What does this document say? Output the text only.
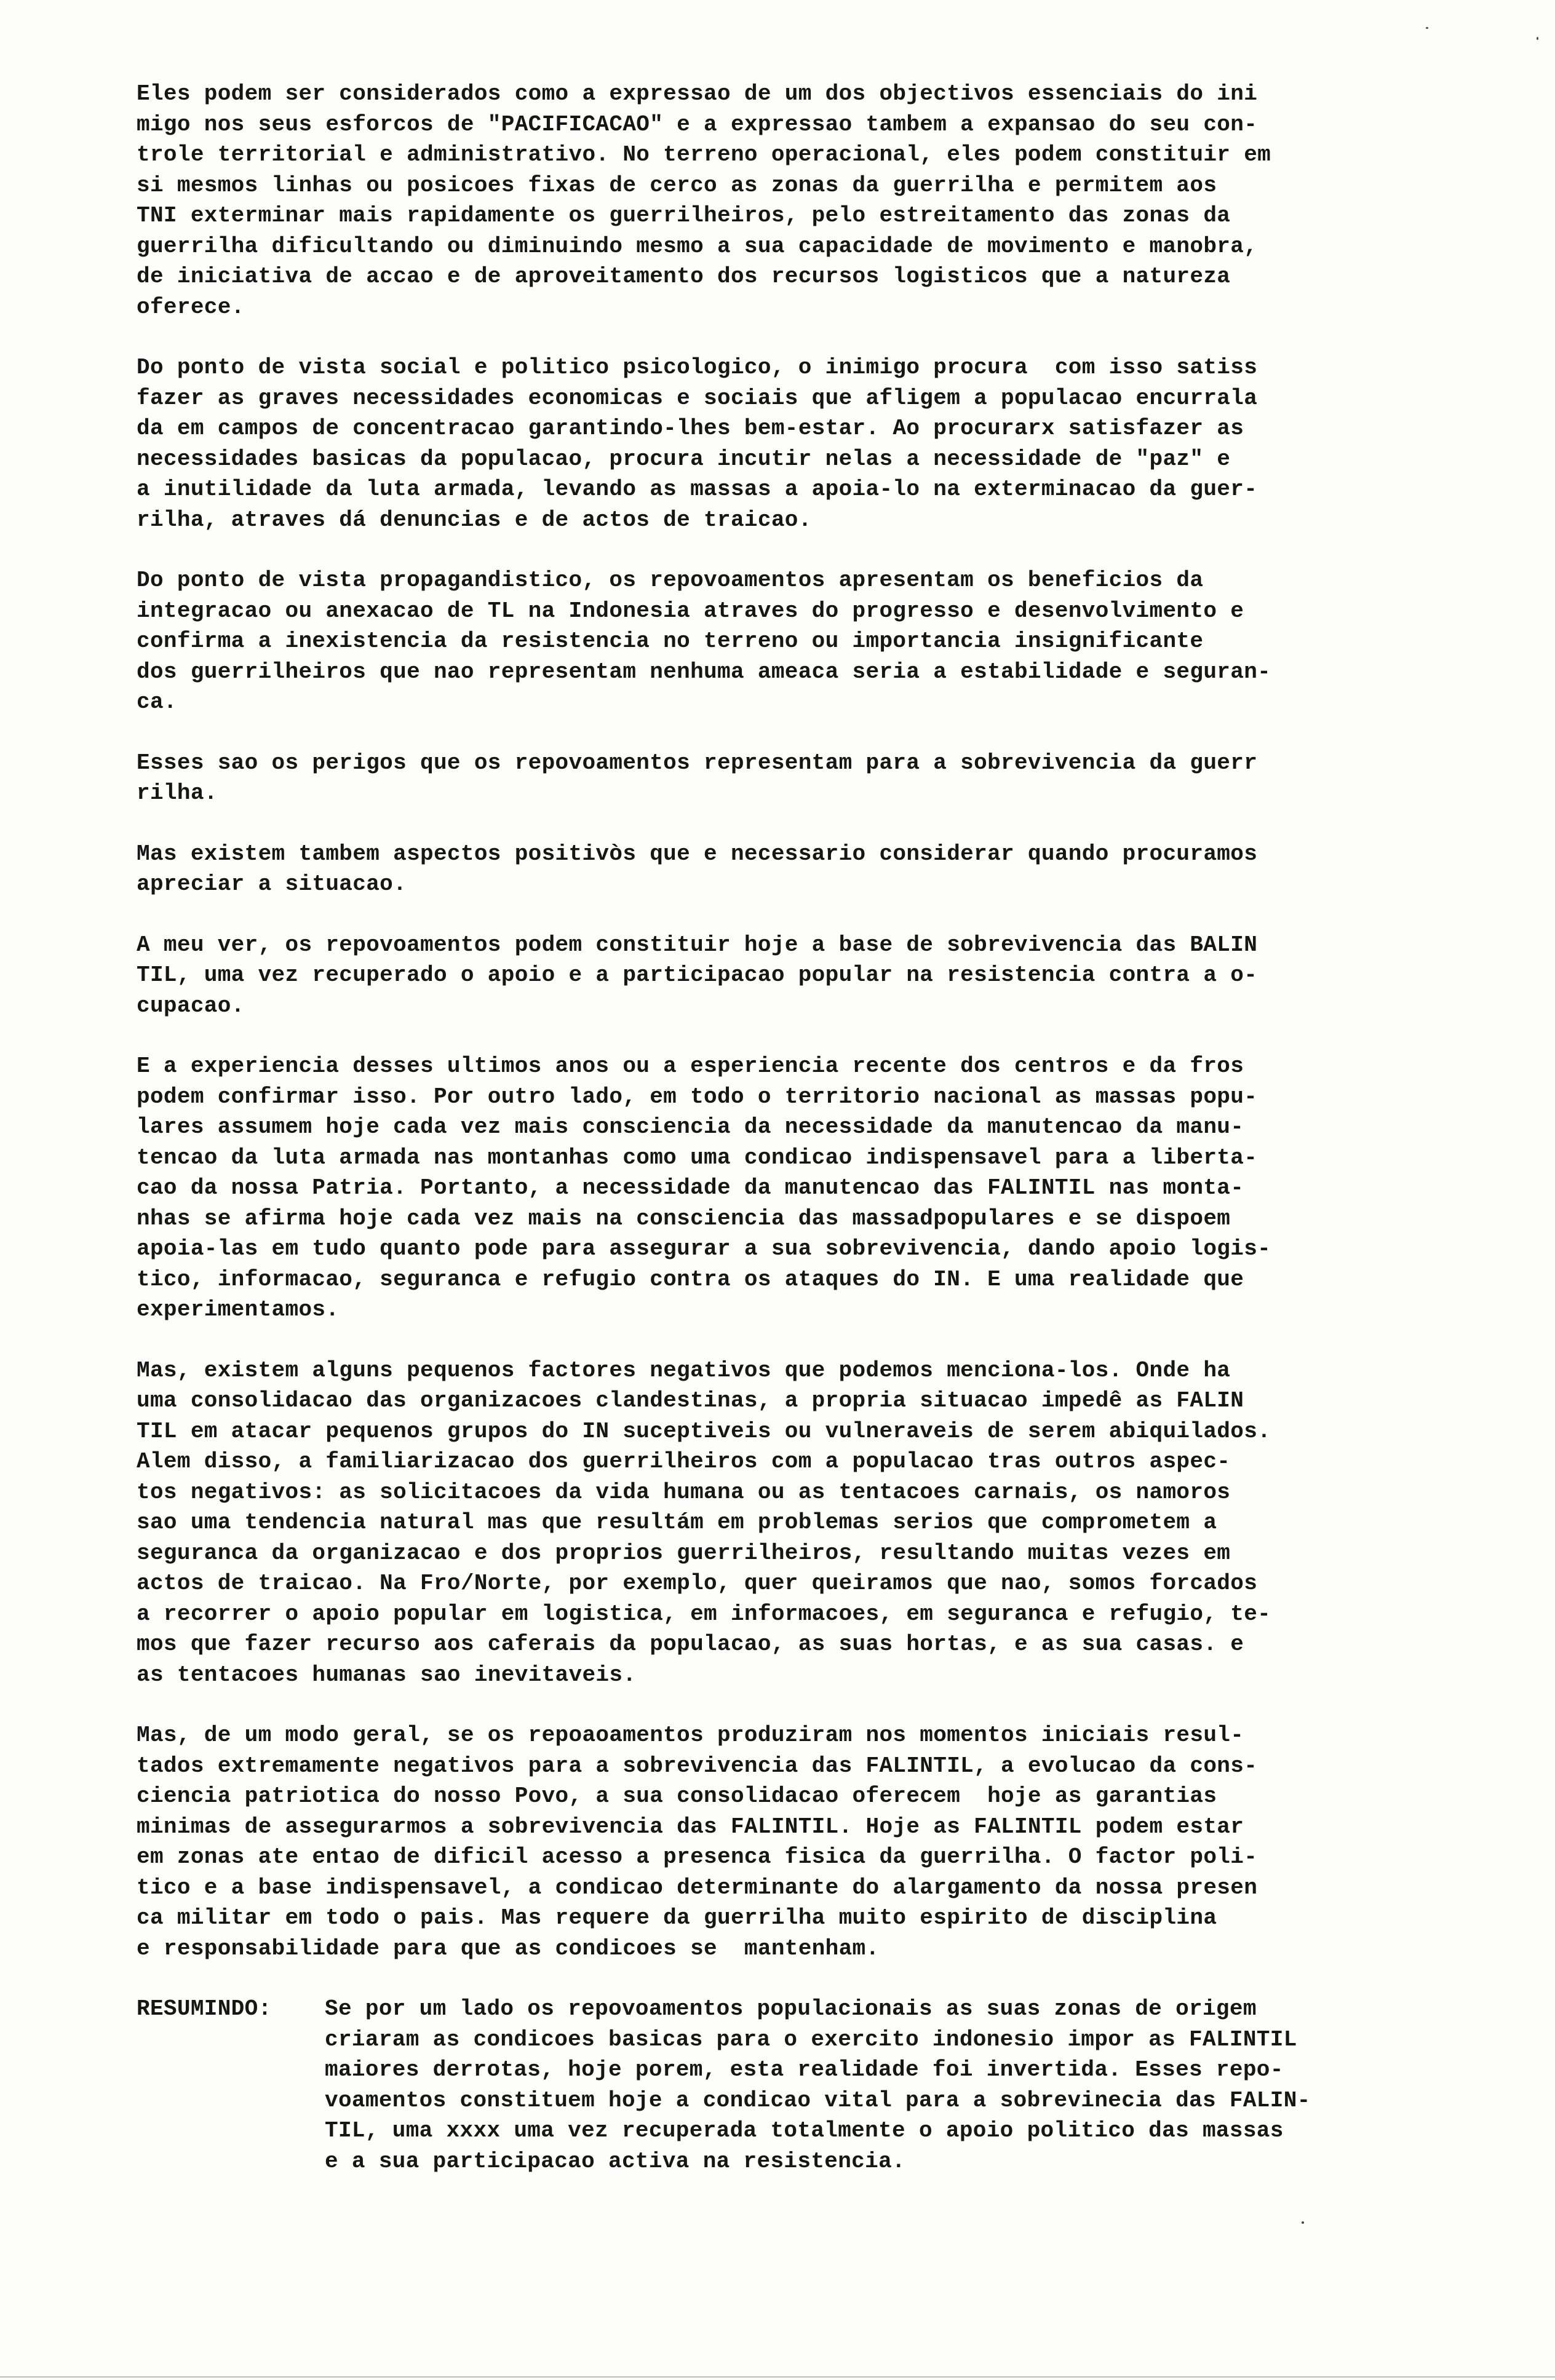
Eles podem ser considerados como a expressao de um dos objectivos essenciais do ini
migo nos seus esforcos de "PACIFICACAO" e a expressao tambem a expansao do seu con-
trole territorial e administrativo. No terreno operacional, eles podem constituir em
si mesmos linhas ou posicoes fixas de cerco as zonas da guerrilha e permitem aos
TNI exterminar mais rapidamente os guerrilheiros, pelo estreitamento das zonas da
guerrilha dificultando ou diminuindo mesmo a sua capacidade de movimento e manobra,
de iniciativa de accao e de aproveitamento dos recursos logisticos que a natureza
oferece.
Do ponto de vista social e politico psicologico, o inimigo procura  com isso satiss
fazer as graves necessidades economicas e sociais que afligem a populacao encurrala
da em campos de concentracao garantindo-lhes bem-estar. Ao procurarx satisfazer as
necessidades basicas da populacao, procura incutir nelas a necessidade de "paz" e
a inutilidade da luta armada, levando as massas a apoia-lo na exterminacao da guer-
rilha, atraves dá denuncias e de actos de traicao.
Do ponto de vista propagandistico, os repovoamentos apresentam os beneficios da
integracao ou anexacao de TL na Indonesia atraves do progresso e desenvolvimento e
confirma a inexistencia da resistencia no terreno ou importancia insignificante
dos guerrilheiros que nao representam nenhuma ameaca seria a estabilidade e seguran-
ca.
Esses sao os perigos que os repovoamentos representam para a sobrevivencia da guerr
rilha.
Mas existem tambem aspectos positivòs que e necessario considerar quando procuramos
apreciar a situacao.
A meu ver, os repovoamentos podem constituir hoje a base de sobrevivencia das BALIN
TIL, uma vez recuperado o apoio e a participacao popular na resistencia contra a o-
cupacao.
E a experiencia desses ultimos anos ou a esperiencia recente dos centros e da fros
podem confirmar isso. Por outro lado, em todo o territorio nacional as massas popu-
lares assumem hoje cada vez mais consciencia da necessidade da manutencao da manu-
tencao da luta armada nas montanhas como uma condicao indispensavel para a liberta-
cao da nossa Patria. Portanto, a necessidade da manutencao das FALINTIL nas monta-
nhas se afirma hoje cada vez mais na consciencia das massadpopulares e se dispoem
apoia-las em tudo quanto pode para assegurar a sua sobrevivencia, dando apoio logis-
tico, informacao, seguranca e refugio contra os ataques do IN. E uma realidade que
experimentamos.
Mas, existem alguns pequenos factores negativos que podemos menciona-los. Onde ha
uma consolidacao das organizacoes clandestinas, a propria situacao impedê as FALIN
TIL em atacar pequenos grupos do IN suceptiveis ou vulneraveis de serem abiquilados.
Alem disso, a familiarizacao dos guerrilheiros com a populacao tras outros aspec-
tos negativos: as solicitacoes da vida humana ou as tentacoes carnais, os namoros
sao uma tendencia natural mas que resultám em problemas serios que comprometem a
seguranca da organizacao e dos proprios guerrilheiros, resultando muitas vezes em
actos de traicao. Na Fro/Norte, por exemplo, quer queiramos que nao, somos forcados
a recorrer o apoio popular em logistica, em informacoes, em seguranca e refugio, te-
mos que fazer recurso aos caferais da populacao, as suas hortas, e as sua casas. e
as tentacoes humanas sao inevitaveis.
Mas, de um modo geral, se os repoaoamentos produziram nos momentos iniciais resul-
tados extremamente negativos para a sobrevivencia das FALINTIL, a evolucao da cons-
ciencia patriotica do nosso Povo, a sua consolidacao oferecem  hoje as garantias
minimas de assegurarmos a sobrevivencia das FALINTIL. Hoje as FALINTIL podem estar
em zonas ate entao de dificil acesso a presenca fisica da guerrilha. O factor poli-
tico e a base indispensavel, a condicao determinante do alargamento da nossa presen
ca militar em todo o pais. Mas requere da guerrilha muito espirito de disciplina
e responsabilidade para que as condicoes se  mantenham.
RESUMINDO:	Se por um lado os repovoamentos populacionais as suas zonas de origem
criaram as condicoes basicas para o exercito indonesio impor as FALINTIL
maiores derrotas, hoje porem, esta realidade foi invertida. Esses repo-
voamentos constituem hoje a condicao vital para a sobrevinecia das FALIN-
TIL, uma xxxx uma vez recuperada totalmente o apoio politico das massas
e a sua participacao activa na resistencia.
